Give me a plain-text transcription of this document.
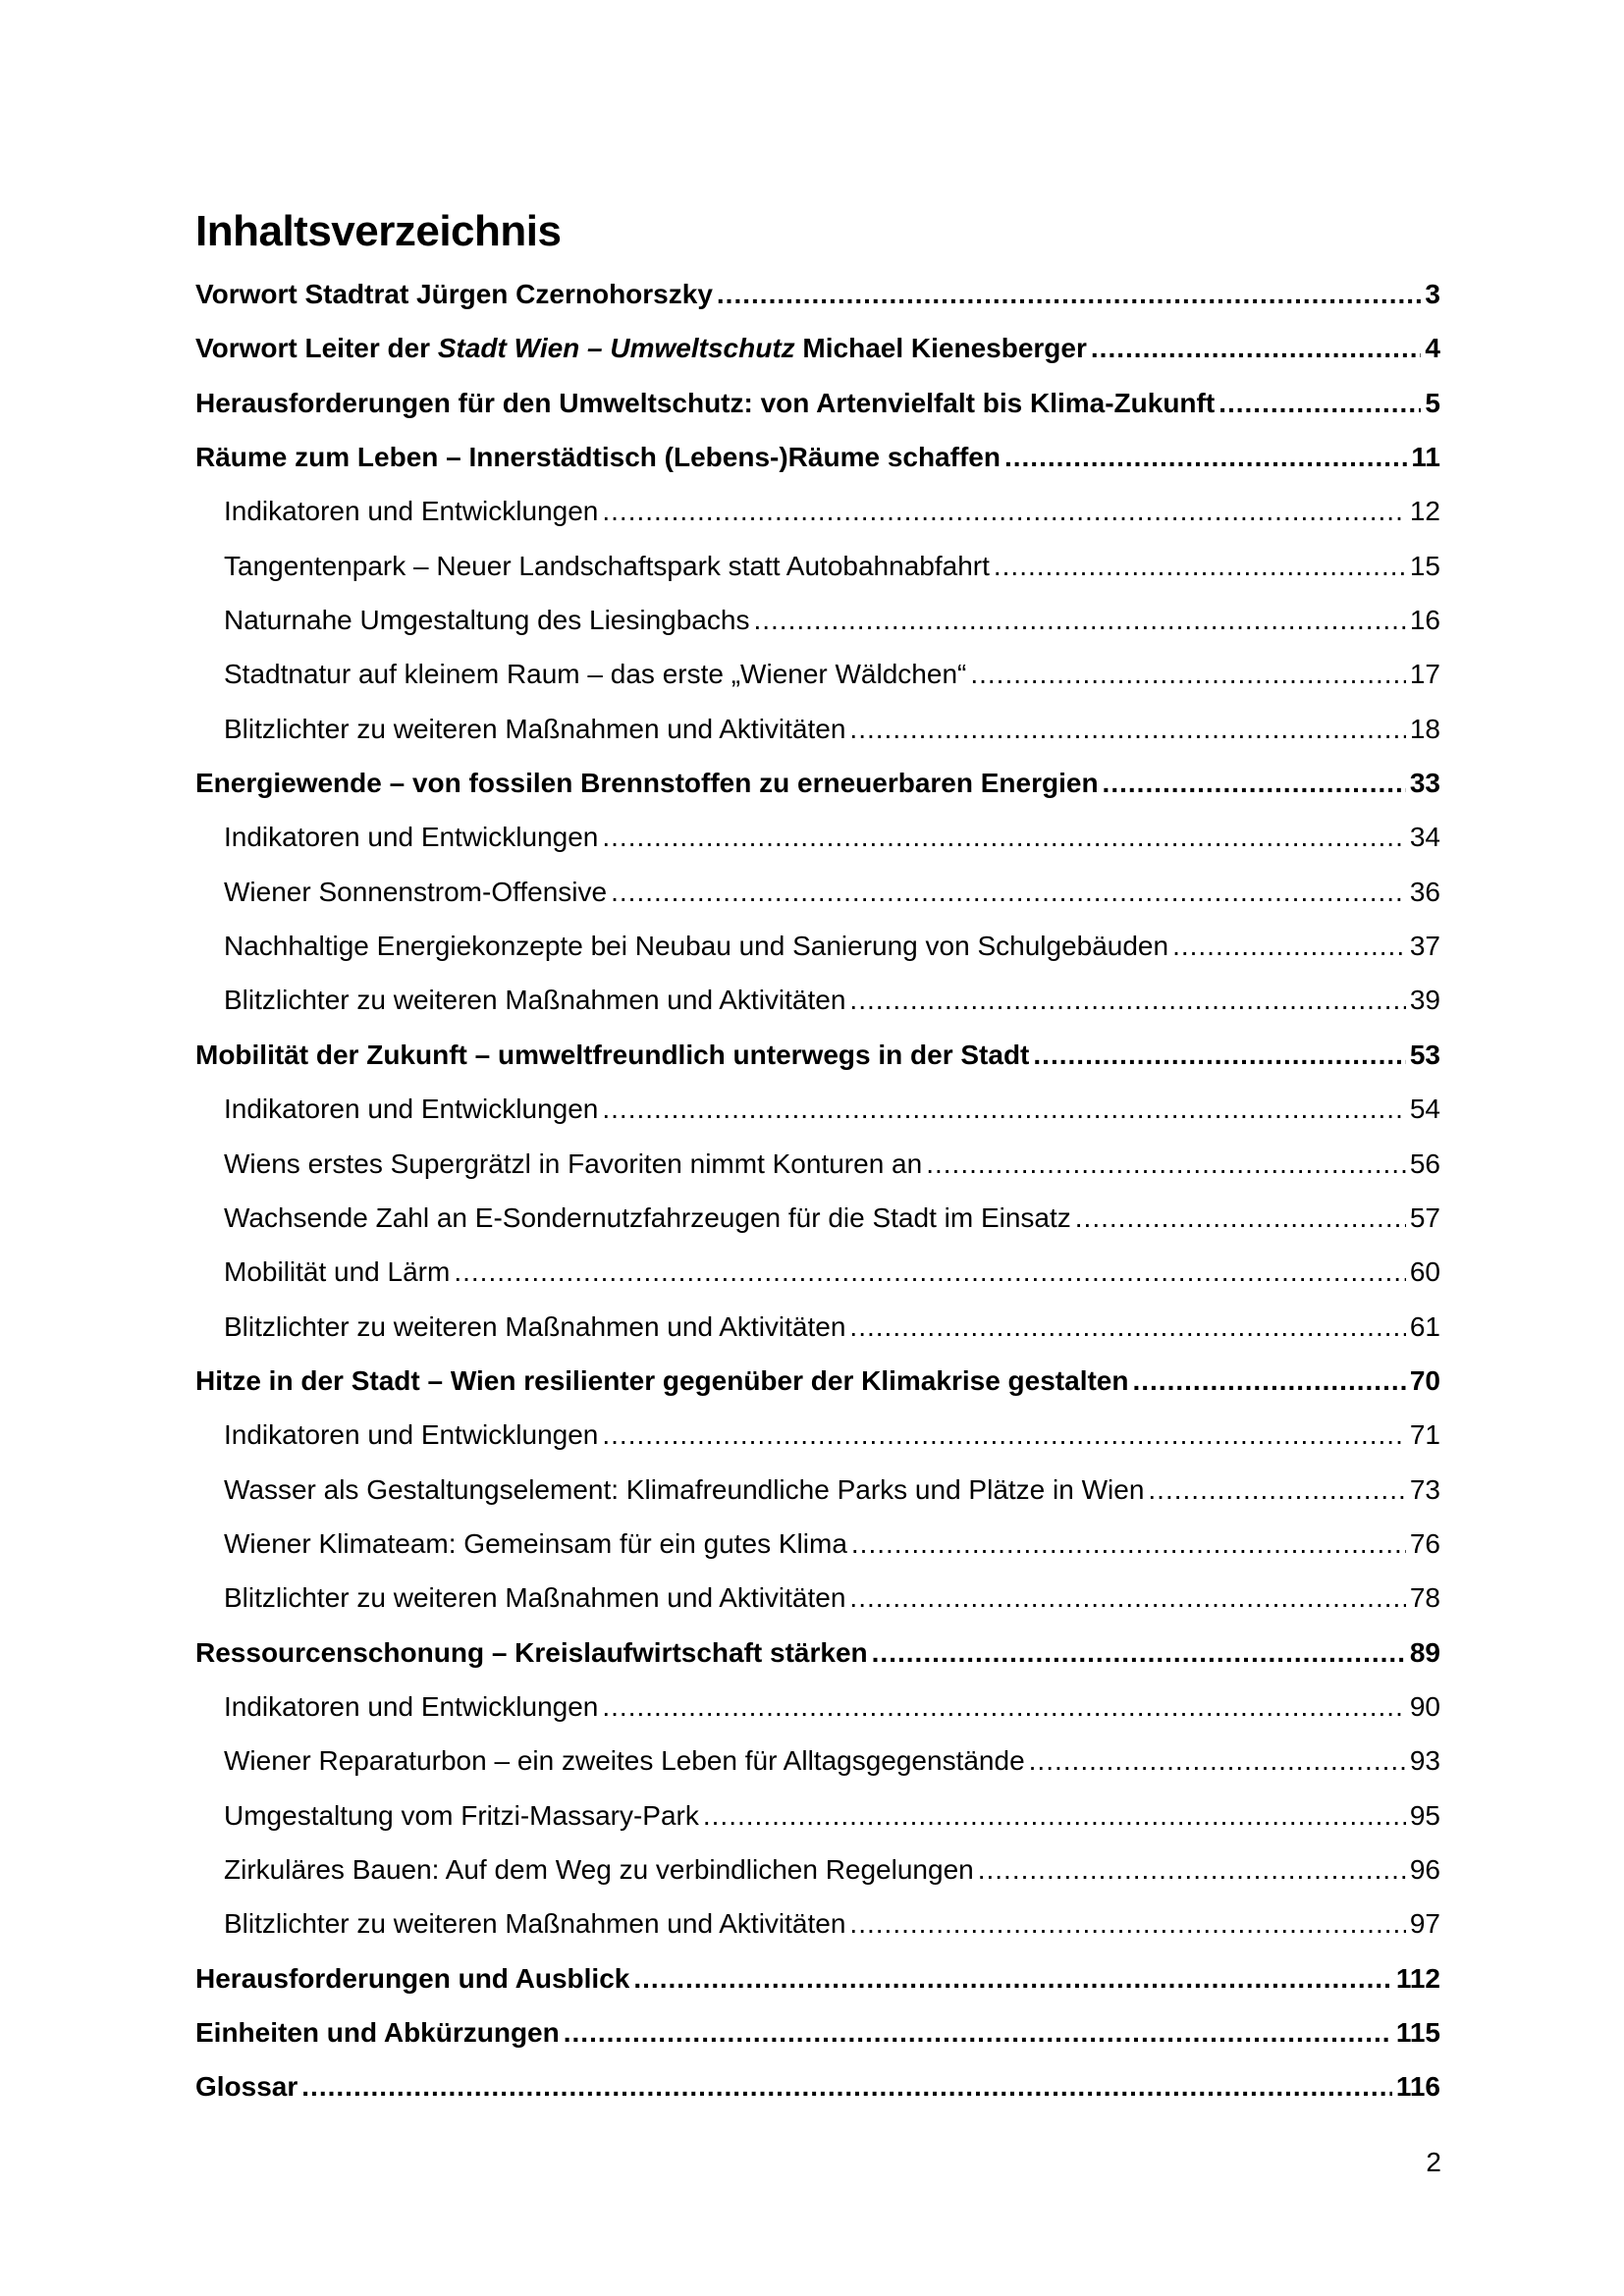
Inhaltsverzeichnis
Vorwort Stadtrat Jürgen Czernohorszky .....	3
Vorwort Leiter der Stadt Wien – Umweltschutz Michael Kienesberger .....	4
Herausforderungen für den Umweltschutz: von Artenvielfalt bis Klima-Zukunft .....	5
Räume zum Leben – Innerstädtisch (Lebens-)Räume schaffen .....	11
Indikatoren und Entwicklungen .....	12
Tangentenpark – Neuer Landschaftspark statt Autobahnabfahrt .....	15
Naturnahe Umgestaltung des Liesingbachs .....	16
Stadtnatur auf kleinem Raum – das erste „Wiener Wäldchen“ .....	17
Blitzlichter zu weiteren Maßnahmen und Aktivitäten .....	18
Energiewende – von fossilen Brennstoffen zu erneuerbaren Energien .....	33
Indikatoren und Entwicklungen .....	34
Wiener Sonnenstrom-Offensive .....	36
Nachhaltige Energiekonzepte bei Neubau und Sanierung von Schulgebäuden .....	37
Blitzlichter zu weiteren Maßnahmen und Aktivitäten .....	39
Mobilität der Zukunft – umweltfreundlich unterwegs in der Stadt .....	53
Indikatoren und Entwicklungen .....	54
Wiens erstes Supergrätzl in Favoriten nimmt Konturen an .....	56
Wachsende Zahl an E-Sondernutzfahrzeugen für die Stadt im Einsatz .....	57
Mobilität und Lärm .....	60
Blitzlichter zu weiteren Maßnahmen und Aktivitäten .....	61
Hitze in der Stadt – Wien resilienter gegenüber der Klimakrise gestalten .....	70
Indikatoren und Entwicklungen .....	71
Wasser als Gestaltungselement: Klimafreundliche Parks und Plätze in Wien .....	73
Wiener Klimateam: Gemeinsam für ein gutes Klima .....	76
Blitzlichter zu weiteren Maßnahmen und Aktivitäten .....	78
Ressourcenschonung – Kreislaufwirtschaft stärken .....	89
Indikatoren und Entwicklungen .....	90
Wiener Reparaturbon – ein zweites Leben für Alltagsgegenstände .....	93
Umgestaltung vom Fritzi-Massary-Park .....	95
Zirkuläres Bauen: Auf dem Weg zu verbindlichen Regelungen .....	96
Blitzlichter zu weiteren Maßnahmen und Aktivitäten .....	97
Herausforderungen und Ausblick .....	112
Einheiten und Abkürzungen .....	115
Glossar .....	116
2
